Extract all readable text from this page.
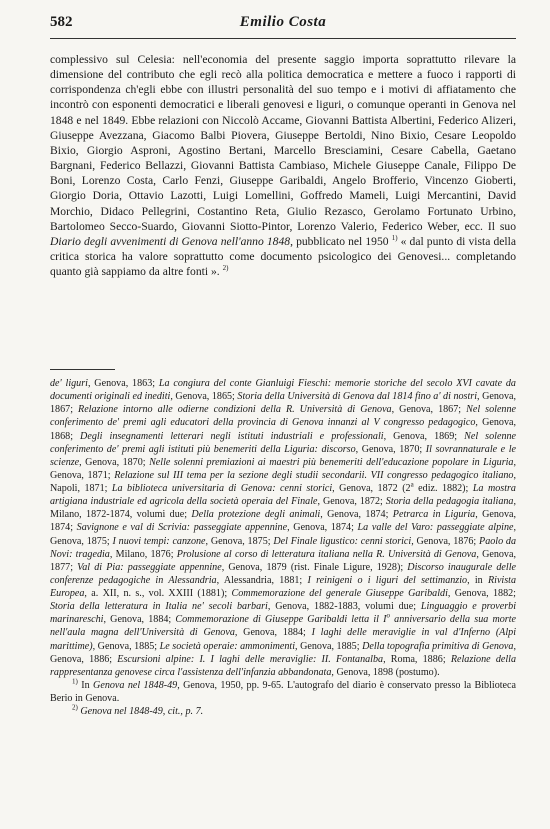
582	Emilio Costa

complessivo sul Celesia: nell'economia del presente saggio importa soprattutto rilevare la dimensione del contributo che egli recò alla politica democratica e mettere a fuoco i rapporti di corrispondenza ch'egli ebbe con illustri personalità del suo tempo e i motivi di affiatamento che incontrò con esponenti democratici e liberali genovesi e liguri, o comunque operanti in Genova nel 1848 e nel 1849. Ebbe relazioni con Niccolò Accame, Giovanni Battista Albertini, Federico Alizeri, Giuseppe Avezzana, Giacomo Balbi Piovera, Giuseppe Bertoldi, Nino Bixio, Cesare Leopoldo Bixio, Giorgio Asproni, Agostino Bertani, Marcello Bresciamini, Cesare Cabella, Gaetano Bargnani, Federico Bellazzi, Giovanni Battista Cambiaso, Michele Giuseppe Canale, Filippo De Boni, Lorenzo Costa, Carlo Fenzi, Giuseppe Garibaldi, Angelo Brofferio, Vincenzo Gioberti, Giorgio Doria, Ottavio Lazotti, Luigi Lomellini, Goffredo Mameli, Luigi Mercantini, David Morchio, Didaco Pellegrini, Costantino Reta, Giulio Rezasco, Gerolamo Fortunato Urbino, Bartolomeo Secco-Suardo, Giovanni Siotto-Pintor, Lorenzo Valerio, Federico Weber, ecc. Il suo Diario degli avvenimenti di Genova nell'anno 1848, pubblicato nel 1950 $^{1)}$ « dal punto di vista della critica storica ha valore soprattutto come documento psicologico dei Genovesi... completando quanto già sappiamo da altre fonti ». $^{2)}$

de' liguri, Genova, 1863; La congiura del conte Gianluigi Fieschi: memorie storiche del secolo XVI cavate da documenti originali ed inediti, Genova, 1865; Storia della Università di Genova dal 1814 fino a' di nostri, Genova, 1867; Relazione intorno alle odierne condizioni della R. Università di Genova, Genova, 1867; Nel solenne conferimento de' premi agli educatori della provincia di Genova innanzi al V congresso pedagogico, Genova, 1868; Degli insegnamenti letterari negli istituti industriali e professionali, Genova, 1869; Nel solenne conferimento de' premi agli istituti più benemeriti della Liguria: discorso, Genova, 1870; Il sovrannaturale e le scienze, Genova, 1870; Nelle solenni premiazioni ai maestri più benemeriti dell'educazione popolare in Liguria, Genova, 1871; Relazione sul III tema per la sezione degli studii secondarii. VII congresso pedagogico italiano, Napoli, 1871; La biblioteca universitaria di Genova: cenni storici, Genova, 1872 (2$^a$ ediz. 1882); La mostra artigiana industriale ed agricola della società operaia del Finale, Genova, 1872; Storia della pedagogia italiana, Milano, 1872-1874, volumi due; Della protezione degli animali, Genova, 1874; Petrarca in Liguria, Genova, 1874; Savignone e val di Scrivia: passeggiate appennine, Genova, 1874; La valle del Varo: passeggiate alpine, Genova, 1875; I nuovi tempi: canzone, Genova, 1875; Del Finale ligustico: cenni storici, Genova, 1876; Paolo da Novi: tragedia, Milano, 1876; Prolusione al corso di letteratura italiana nella R. Università di Genova, Genova, 1877; Val di Pia: passeggiate appennine, Genova, 1879 (rist. Finale Ligure, 1928); Discorso inaugurale delle conferenze pedagogiche in Alessandria, Alessandria, 1881; I reinigeni o i liguri del settimanzio, in Rivista Europea, a. XII, n. s., vol. XXIII (1881); Commemorazione del generale Giuseppe Garibaldi, Genova, 1882; Storia della letteratura in Italia ne' secoli barbari, Genova, 1882-1883, volumi due; Linguaggio e proverbi marinareschi, Genova, 1884; Commemorazione di Giuseppe Garibaldi letta il $I^o$ anniversario della sua morte nell'aula magna dell'Università di Genova, Genova, 1884; I laghi delle meraviglie in val d'Inferno (Alpi marittime), Genova, 1885; Le società operaie: ammonimenti, Genova, 1885; Della topografia primitiva di Genova, Genova, 1886; Escursioni alpine: I. I laghi delle meraviglie: II. Fontanalba, Roma, 1886; Relazione della rappresentanza genovese circa l'assistenza dell'infanzia abbandonata, Genova, 1898 (postumo).

$^{1)}$ In Genova nel 1848-49, Genova, 1950, pp. 9-65. L'autografo del diario è conservato presso la Biblioteca Berio in Genova.

$^{2)}$ Genova nel 1848-49, cit., p. 7.
